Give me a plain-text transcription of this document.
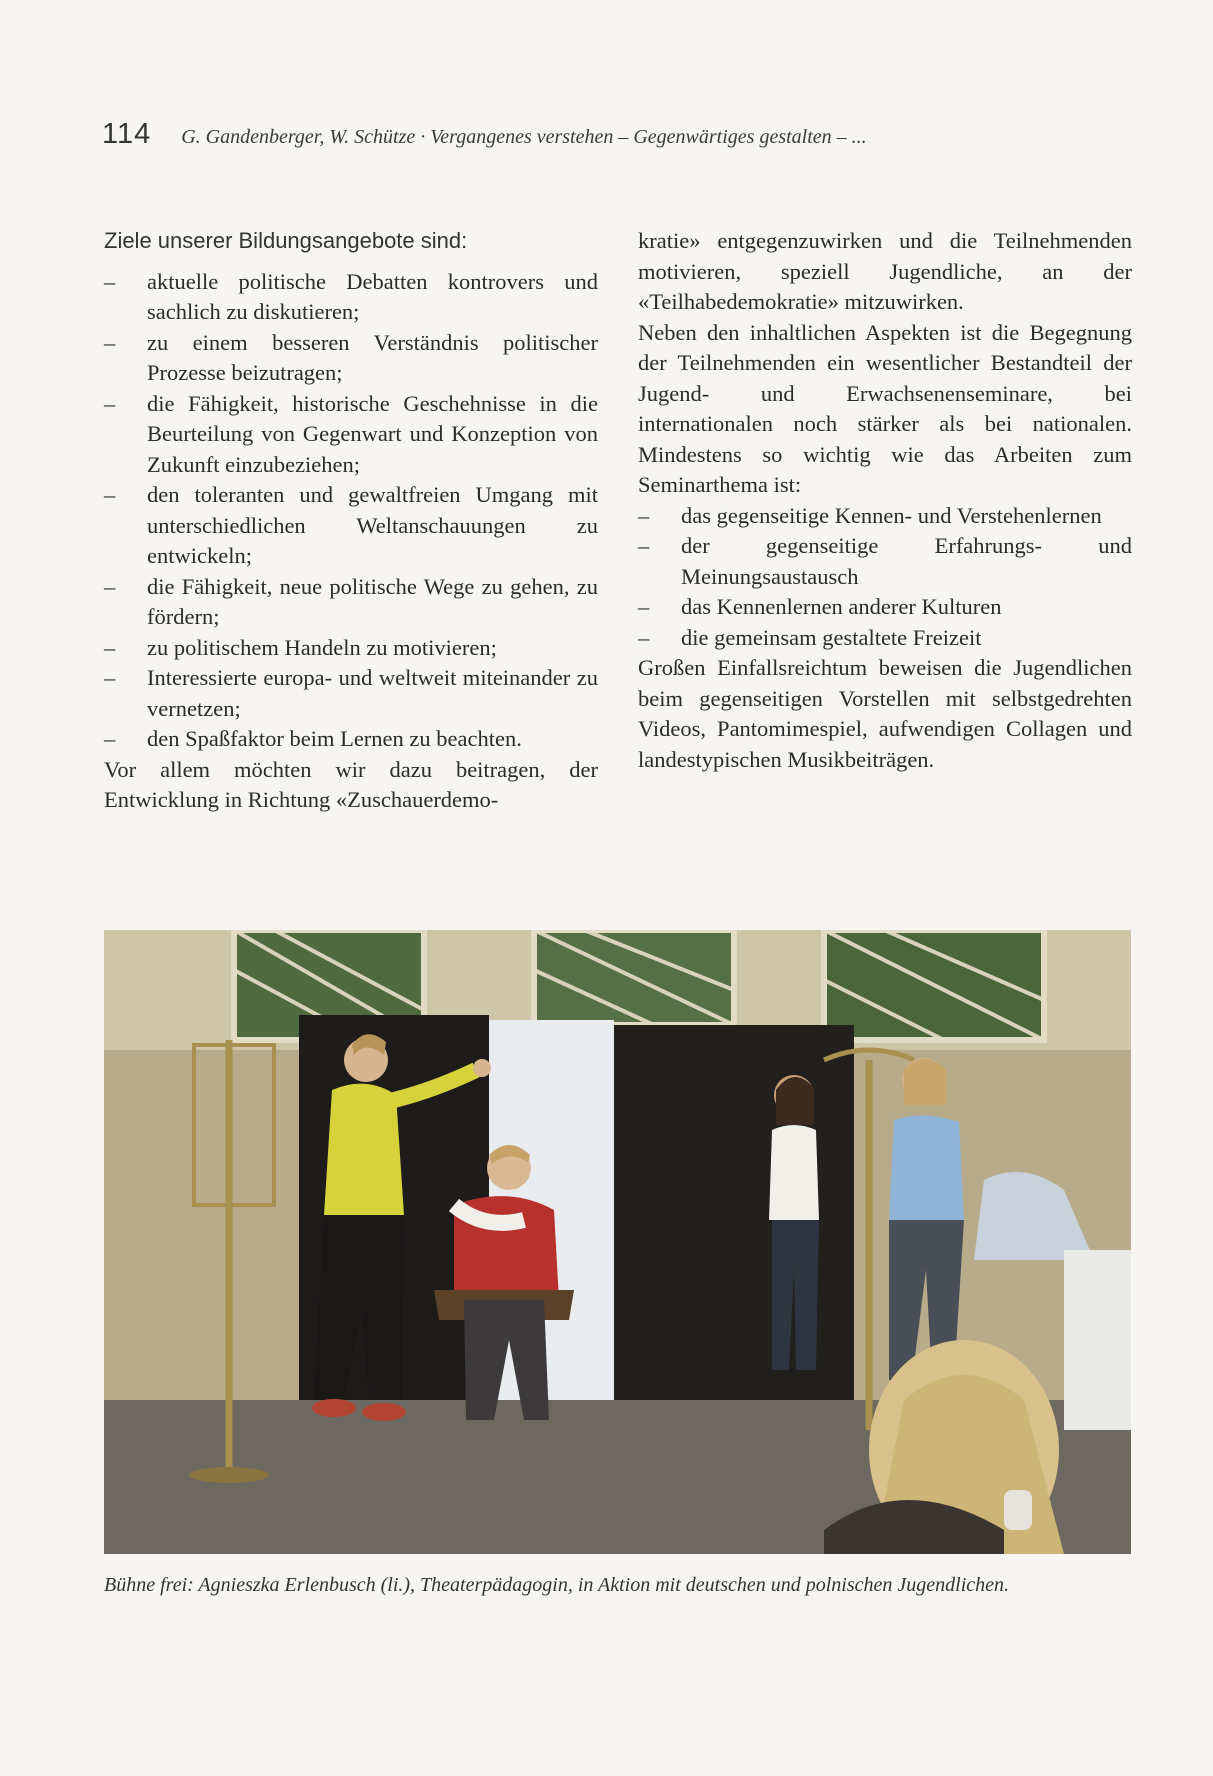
114 G. Gandenberger, W. Schütze · Vergangenes verstehen – Gegenwärtiges gestalten – ...
Ziele unserer Bildungsangebote sind:
– aktuelle politische Debatten kontrovers und sachlich zu diskutieren;
– zu einem besseren Verständnis politischer Prozesse beizutragen;
– die Fähigkeit, historische Geschehnisse in die Beurteilung von Gegenwart und Konzeption von Zukunft einzubeziehen;
– den toleranten und gewaltfreien Umgang mit unterschiedlichen Weltanschauungen zu entwickeln;
– die Fähigkeit, neue politische Wege zu gehen, zu fördern;
– zu politischem Handeln zu motivieren;
– Interessierte europa- und weltweit miteinander zu vernetzen;
– den Spaßfaktor beim Lernen zu beachten.

Vor allem möchten wir dazu beitragen, der Entwicklung in Richtung «Zuschauerdemo-

kratie» entgegenzuwirken und die Teilnehmenden motivieren, speziell Jugendliche, an der «Teilhabedemokratie» mitzuwirken.

Neben den inhaltlichen Aspekten ist die Begegnung der Teilnehmenden ein wesentlicher Bestandteil der Jugend- und Erwachsenenseminare, bei internationalen noch stärker als bei nationalen. Mindestens so wichtig wie das Arbeiten zum Seminarthema ist:

– das gegenseitige Kennen- und Verstehenlernen
– der gegenseitige Erfahrungs- und Meinungsaustausch
– das Kennenlernen anderer Kulturen
– die gemeinsam gestaltete Freizeit

Großen Einfallsreichtum beweisen die Jugendlichen beim gegenseitigen Vorstellen mit selbstgedrehten Videos, Pantomimespiel, aufwendigen Collagen und landestypischen Musikbeiträgen.

Bühne frei: Agnieszka Erlenbusch (li.), Theaterpädagogin, in Aktion mit deutschen und polnischen Jugendlichen.
